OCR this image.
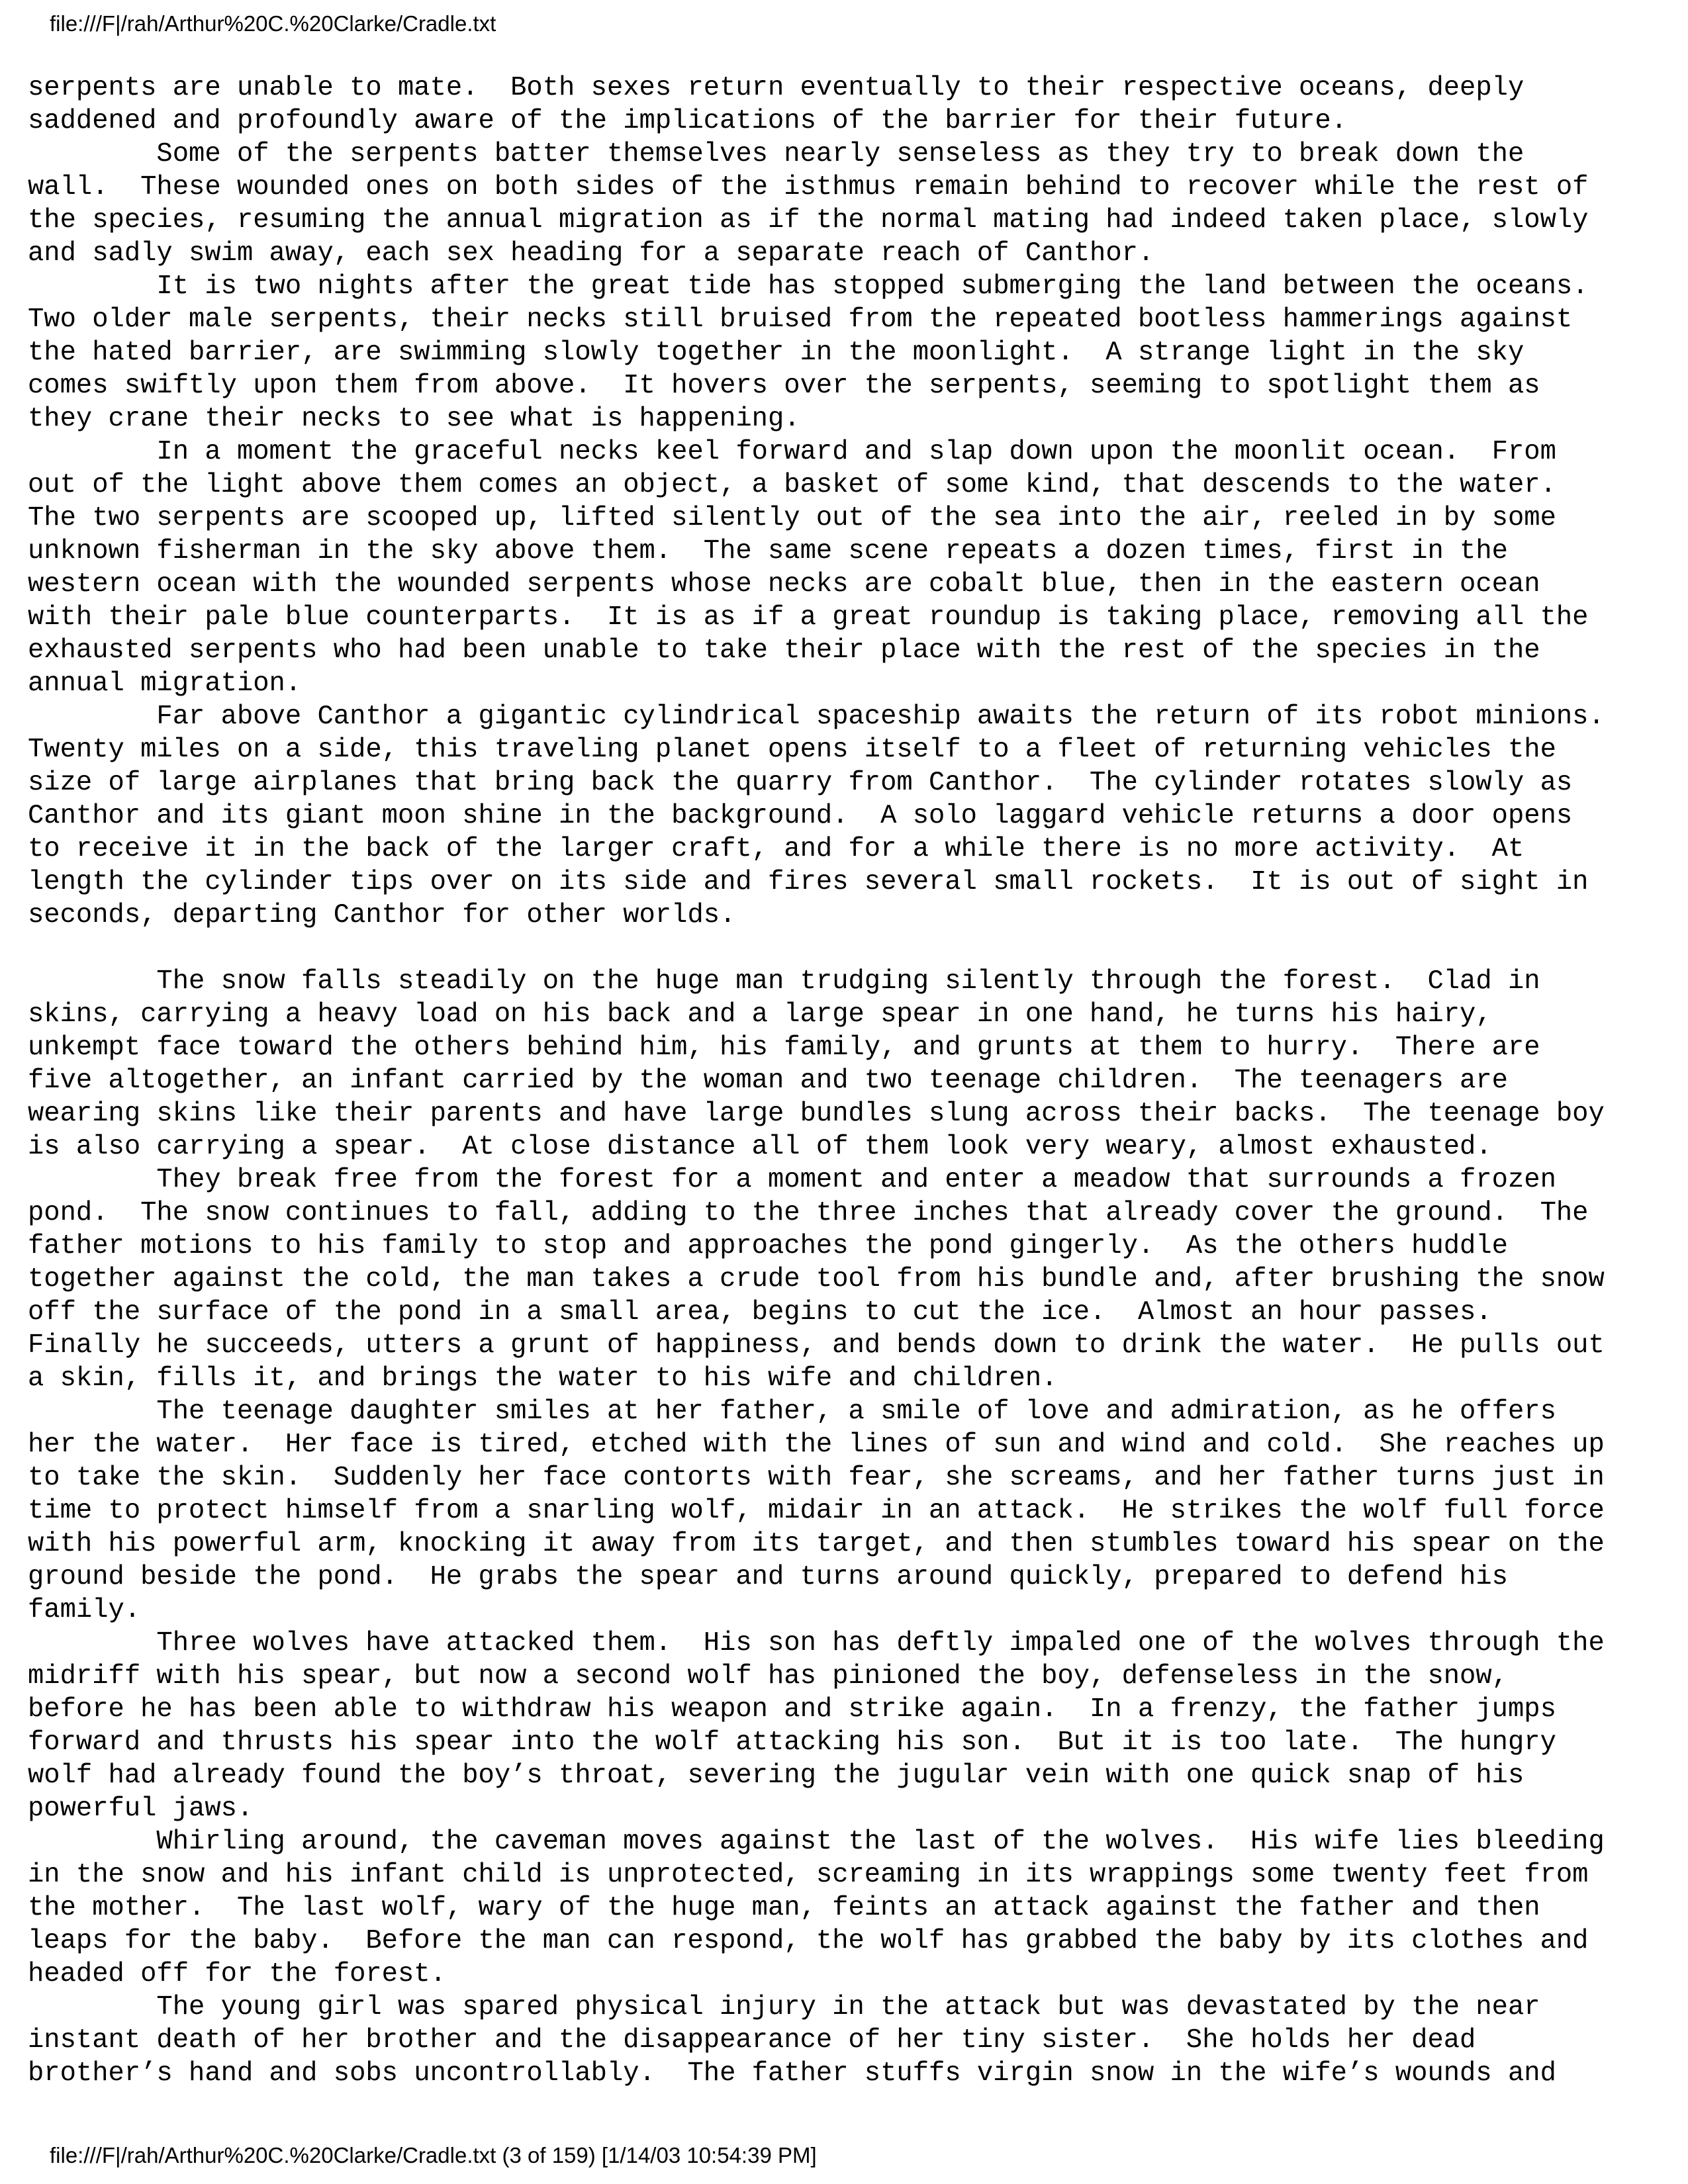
file:///F|/rah/Arthur%20C.%20Clarke/Cradle.txt
serpents are unable to mate.  Both sexes return eventually to their respective oceans, deeply
saddened and profoundly aware of the implications of the barrier for their future.
Some of the serpents batter themselves nearly senseless as they try to break down the
wall.  These wounded ones on both sides of the isthmus remain behind to recover while the rest of
the species, resuming the annual migration as if the normal mating had indeed taken place, slowly
and sadly swim away, each sex heading for a separate reach of Canthor.
It is two nights after the great tide has stopped submerging the land between the oceans.
Two older male serpents, their necks still bruised from the repeated bootless hammerings against
the hated barrier, are swimming slowly together in the moonlight.  A strange light in the sky
comes swiftly upon them from above.  It hovers over the serpents, seeming to spotlight them as
they crane their necks to see what is happening.
In a moment the graceful necks keel forward and slap down upon the moonlit ocean.  From
out of the light above them comes an object, a basket of some kind, that descends to the water.
The two serpents are scooped up, lifted silently out of the sea into the air, reeled in by some
unknown fisherman in the sky above them.  The same scene repeats a dozen times, first in the
western ocean with the wounded serpents whose necks are cobalt blue, then in the eastern ocean
with their pale blue counterparts.  It is as if a great roundup is taking place, removing all the
exhausted serpents who had been unable to take their place with the rest of the species in the
annual migration.
Far above Canthor a gigantic cylindrical spaceship awaits the return of its robot minions.
Twenty miles on a side, this traveling planet opens itself to a fleet of returning vehicles the
size of large airplanes that bring back the quarry from Canthor.  The cylinder rotates slowly as
Canthor and its giant moon shine in the background.  A solo laggard vehicle returns a door opens
to receive it in the back of the larger craft, and for a while there is no more activity.  At
length the cylinder tips over on its side and fires several small rockets.  It is out of sight in
seconds, departing Canthor for other worlds.
The snow falls steadily on the huge man trudging silently through the forest.  Clad in
skins, carrying a heavy load on his back and a large spear in one hand, he turns his hairy,
unkempt face toward the others behind him, his family, and grunts at them to hurry.  There are
five altogether, an infant carried by the woman and two teenage children.  The teenagers are
wearing skins like their parents and have large bundles slung across their backs.  The teenage boy
is also carrying a spear.  At close distance all of them look very weary, almost exhausted.
They break free from the forest for a moment and enter a meadow that surrounds a frozen
pond.  The snow continues to fall, adding to the three inches that already cover the ground.  The
father motions to his family to stop and approaches the pond gingerly.  As the others huddle
together against the cold, the man takes a crude tool from his bundle and, after brushing the snow
off the surface of the pond in a small area, begins to cut the ice.  Almost an hour passes.
Finally he succeeds, utters a grunt of happiness, and bends down to drink the water.  He pulls out
a skin, fills it, and brings the water to his wife and children.
The teenage daughter smiles at her father, a smile of love and admiration, as he offers
her the water.  Her face is tired, etched with the lines of sun and wind and cold.  She reaches up
to take the skin.  Suddenly her face contorts with fear, she screams, and her father turns just in
time to protect himself from a snarling wolf, midair in an attack.  He strikes the wolf full force
with his powerful arm, knocking it away from its target, and then stumbles toward his spear on the
ground beside the pond.  He grabs the spear and turns around quickly, prepared to defend his
family.
Three wolves have attacked them.  His son has deftly impaled one of the wolves through the
midriff with his spear, but now a second wolf has pinioned the boy, defenseless in the snow,
before he has been able to withdraw his weapon and strike again.  In a frenzy, the father jumps
forward and thrusts his spear into the wolf attacking his son.  But it is too late.  The hungry
wolf had already found the boy’s throat, severing the jugular vein with one quick snap of his
powerful jaws.
Whirling around, the caveman moves against the last of the wolves.  His wife lies bleeding
in the snow and his infant child is unprotected, screaming in its wrappings some twenty feet from
the mother.  The last wolf, wary of the huge man, feints an attack against the father and then
leaps for the baby.  Before the man can respond, the wolf has grabbed the baby by its clothes and
headed off for the forest.
The young girl was spared physical injury in the attack but was devastated by the near
instant death of her brother and the disappearance of her tiny sister.  She holds her dead
brother’s hand and sobs uncontrollably.  The father stuffs virgin snow in the wife’s wounds and
file:///F|/rah/Arthur%20C.%20Clarke/Cradle.txt (3 of 159) [1/14/03 10:54:39 PM]
